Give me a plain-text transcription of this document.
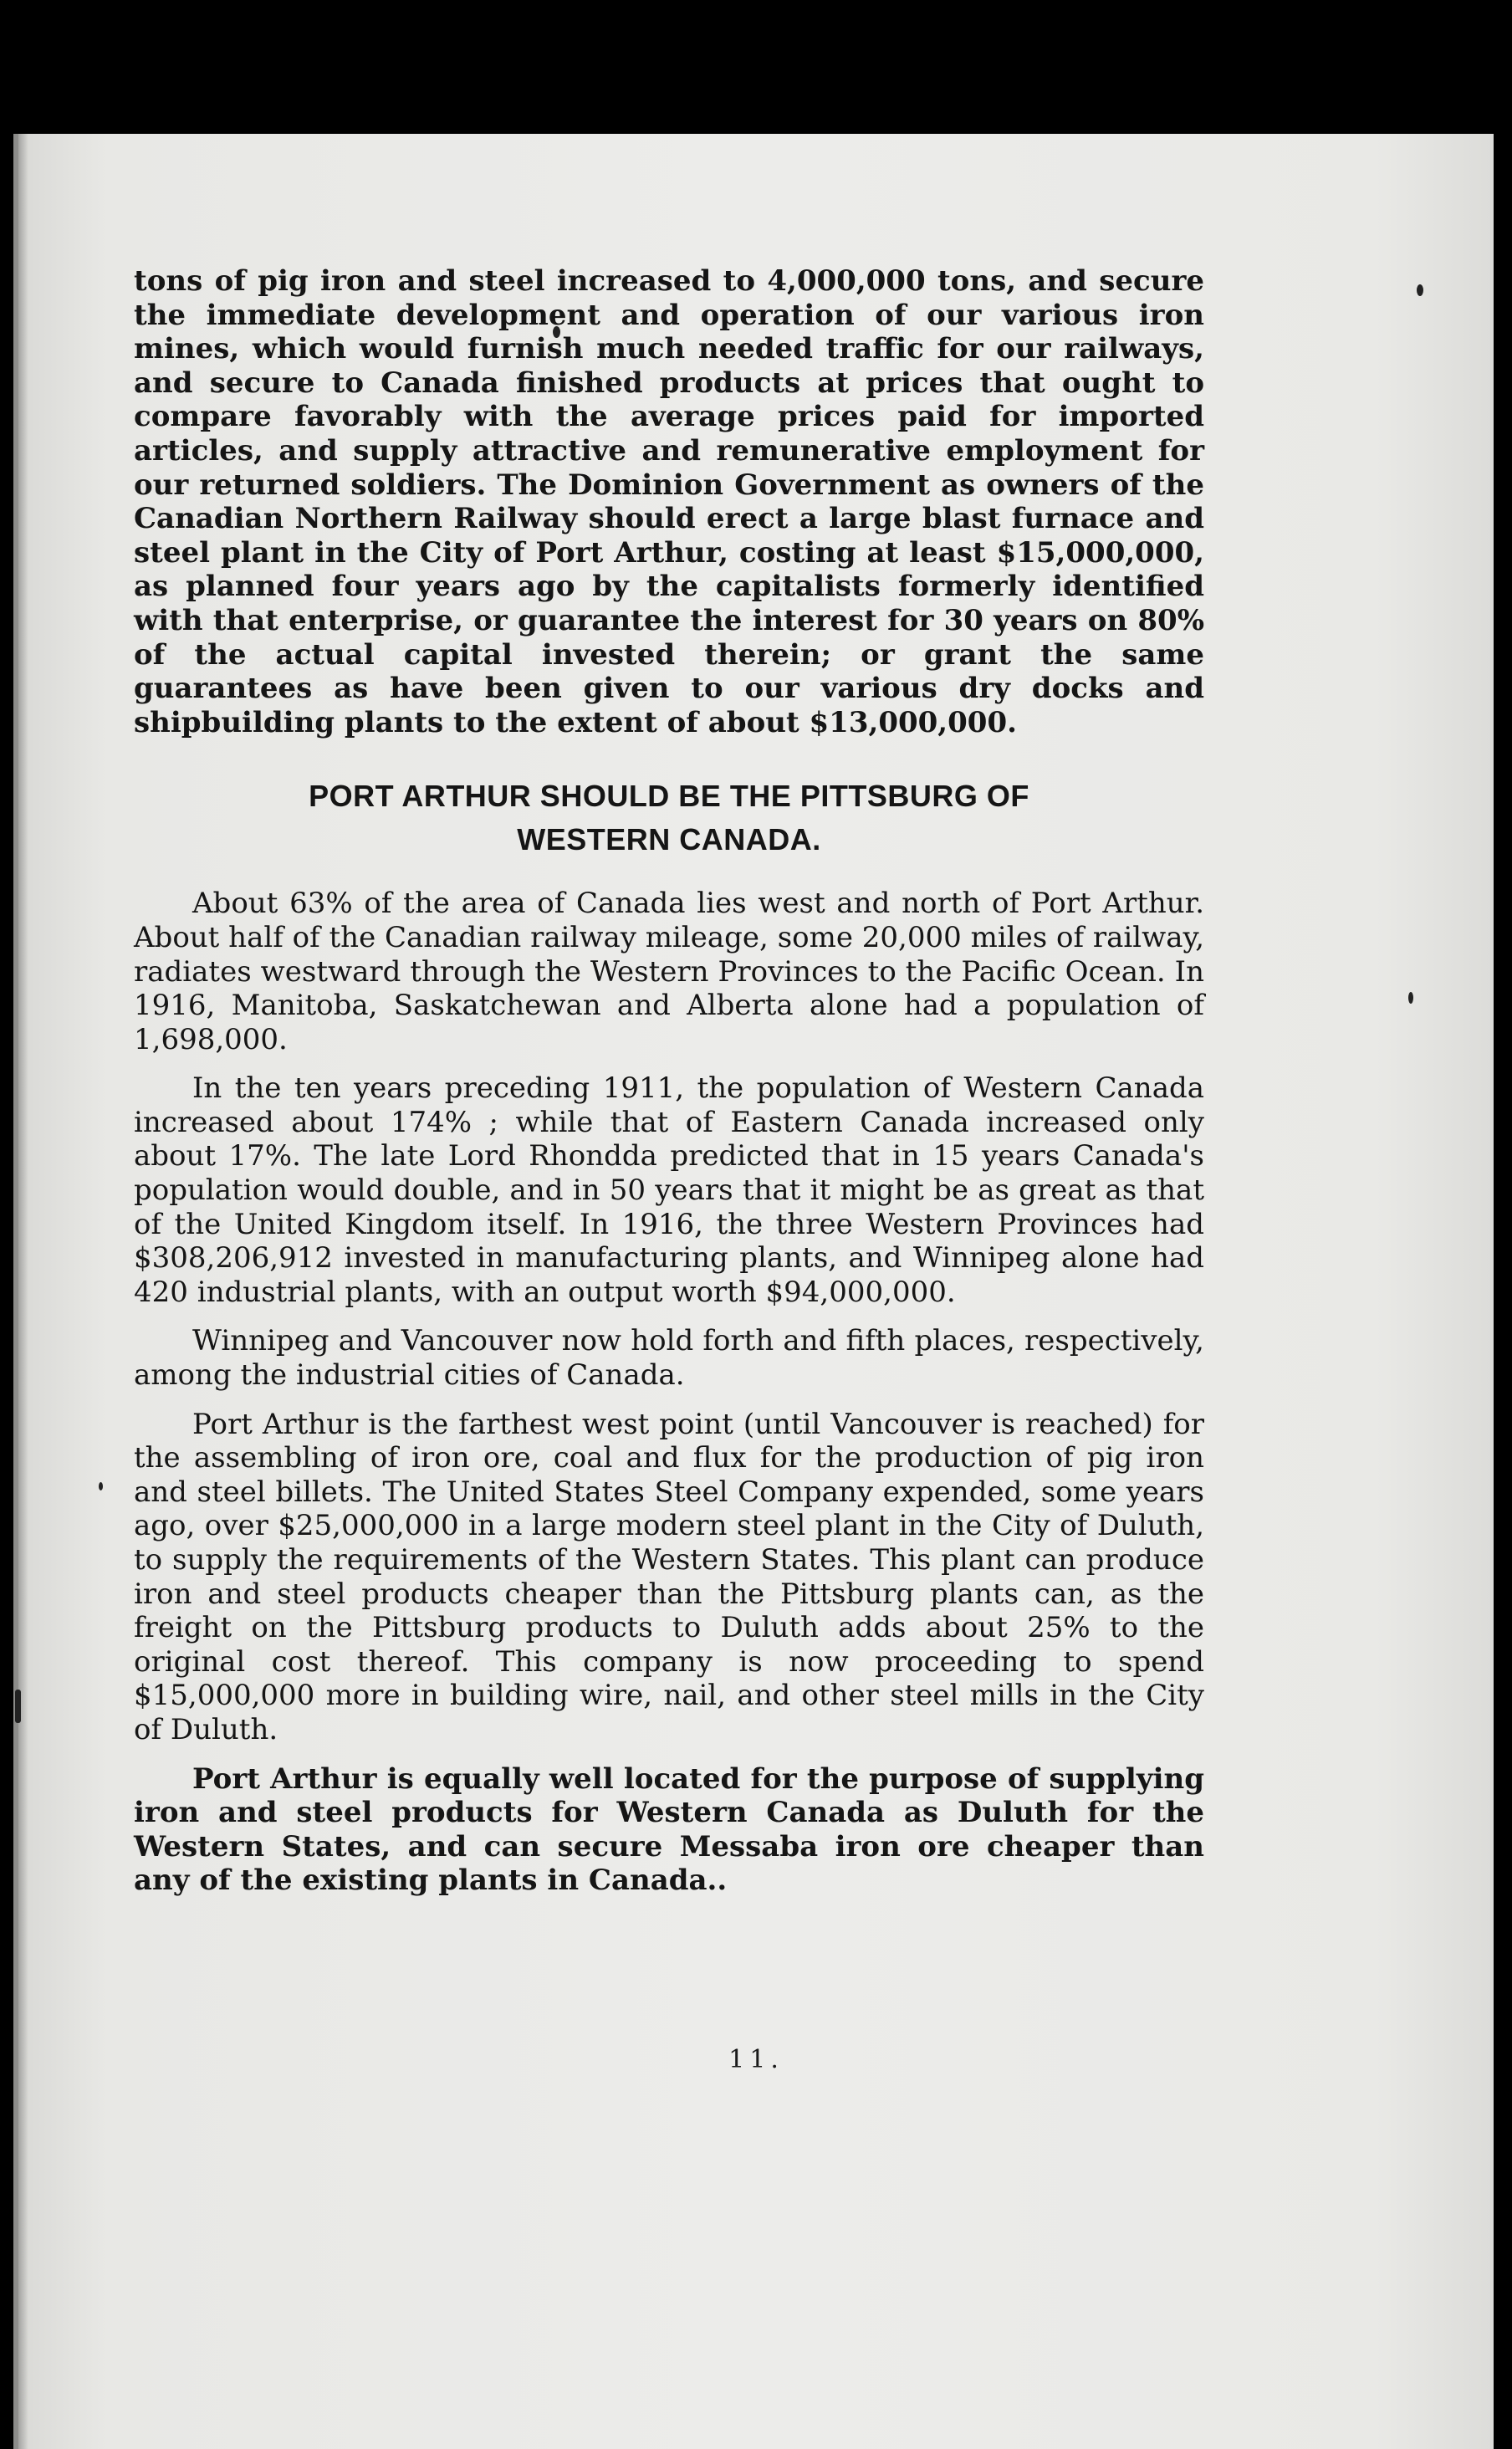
tons of pig iron and steel increased to 4,000,000 tons, and secure the immediate development and operation of our various iron mines, which would furnish much needed traffic for our railways, and secure to Canada finished products at prices that ought to compare favorably with the average prices paid for imported articles, and supply attractive and remunerative employment for our returned soldiers. The Dominion Government as owners of the Canadian Northern Railway should erect a large blast furnace and steel plant in the City of Port Arthur, costing at least $15,000,000, as planned four years ago by the capitalists formerly identified with that enterprise, or guarantee the interest for 30 years on 80% of the actual capital invested therein; or grant the same guarantees as have been given to our various dry docks and shipbuilding plants to the extent of about $13,000,000.

PORT ARTHUR SHOULD BE THE PITTSBURG OF
WESTERN CANADA.

About 63% of the area of Canada lies west and north of Port Arthur. About half of the Canadian railway mileage, some 20,000 miles of railway, radiates westward through the Western Provinces to the Pacific Ocean. In 1916, Manitoba, Saskatchewan and Alberta alone had a population of 1,698,000.

In the ten years preceding 1911, the population of Western Canada increased about 174% ; while that of Eastern Canada increased only about 17%. The late Lord Rhondda predicted that in 15 years Canada's population would double, and in 50 years that it might be as great as that of the United Kingdom itself. In 1916, the three Western Provinces had $308,206,912 invested in manufacturing plants, and Winnipeg alone had 420 industrial plants, with an output worth $94,000,000.

Winnipeg and Vancouver now hold forth and fifth places, respectively, among the industrial cities of Canada.

Port Arthur is the farthest west point (until Vancouver is reached) for the assembling of iron ore, coal and flux for the production of pig iron and steel billets. The United States Steel Company expended, some years ago, over $25,000,000 in a large modern steel plant in the City of Duluth, to supply the requirements of the Western States. This plant can produce iron and steel products cheaper than the Pittsburg plants can, as the freight on the Pittsburg products to Duluth adds about 25% to the original cost thereof. This company is now proceeding to spend $15,000,000 more in building wire, nail, and other steel mills in the City of Duluth.

Port Arthur is equally well located for the purpose of supplying iron and steel products for Western Canada as Duluth for the Western States, and can secure Messaba iron ore cheaper than any of the existing plants in Canada..

11.
